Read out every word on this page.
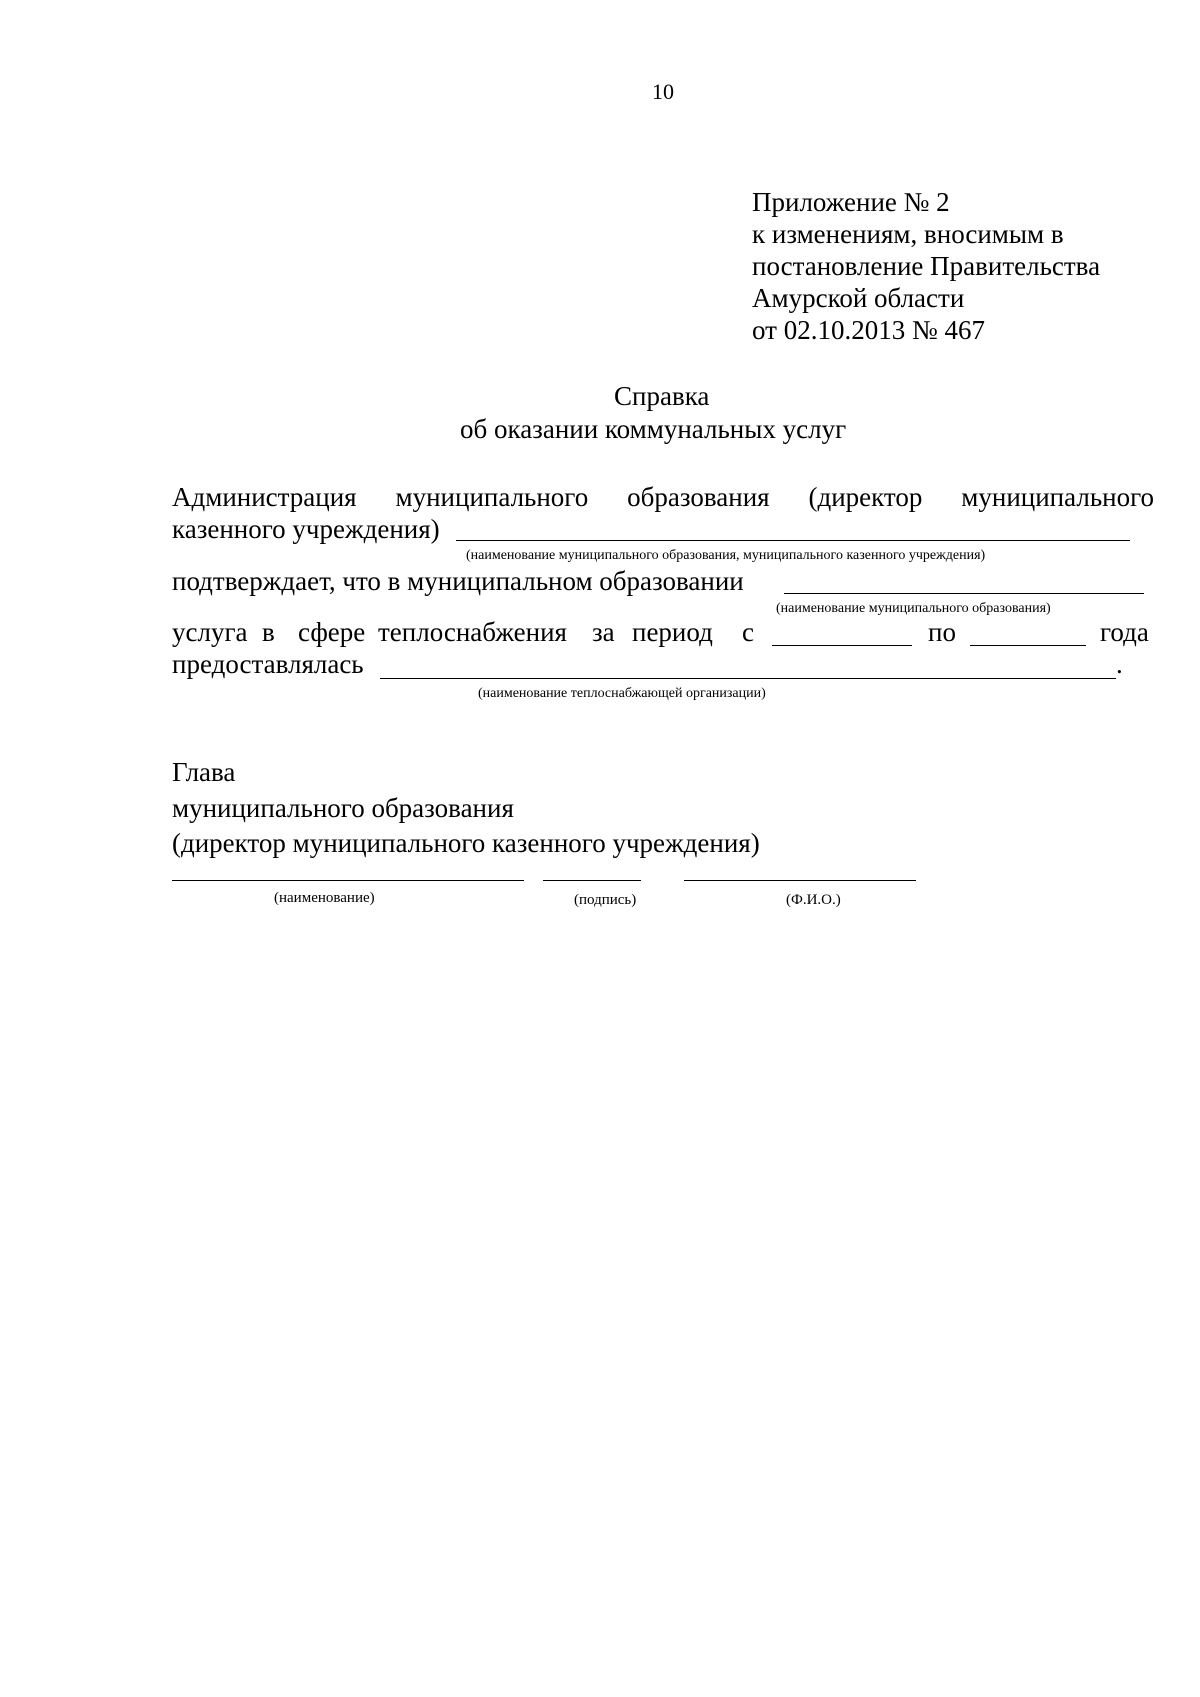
10
Приложение № 2
к изменениям, вносимым в
постановление Правительства
Амурской области
от 02.10.2013 № 467
Справка
об оказании коммунальных услуг
Администрация муниципального образования (директор муниципального
казенного учреждения)
(наименование муниципального образования, муниципального казенного учреждения)
подтверждает, что в муниципальном образовании
(наименование муниципального образования)
услуга в сфере теплоснабжения за период с	по	года
предоставлялась	.
(наименование теплоснабжающей организации)
Глава
муниципального образования
(директор муниципального казенного учреждения)
(наименование)	(подпись)	(Ф.И.О.)
